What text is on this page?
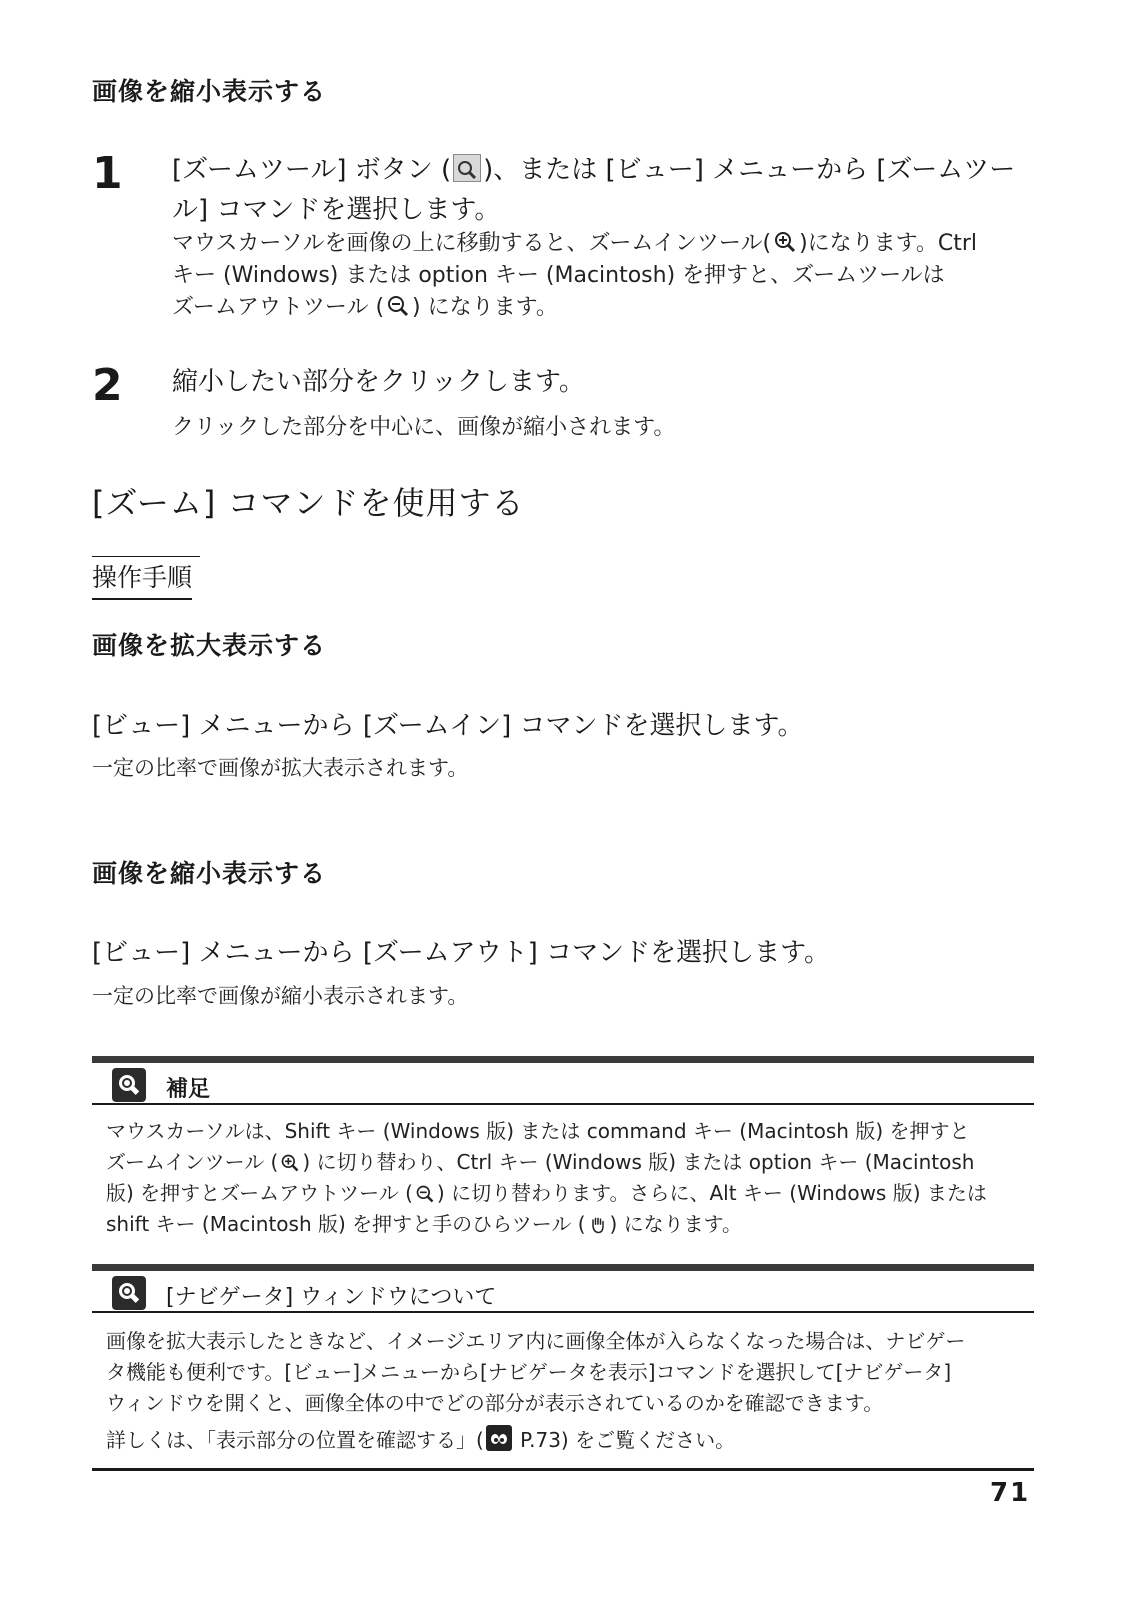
画像を縮小表示する
1 [ズームツール] ボタン ( )、または [ビュー] メニューから [ズームツー
ル] コマンドを選択します。
マウスカーソルを画像の上に移動すると、ズームインツール( )になります。Ctrl
キー (Windows) または option キー (Macintosh) を押すと、ズームツールは
ズームアウトツール ( ) になります。
2 縮小したい部分をクリックします。
クリックした部分を中心に、画像が縮小されます。
[ズーム] コマンドを使用する
操作手順
画像を拡大表示する
[ビュー] メニューから [ズームイン] コマンドを選択します。
一定の比率で画像が拡大表示されます。
画像を縮小表示する
[ビュー] メニューから [ズームアウト] コマンドを選択します。
一定の比率で画像が縮小表示されます。
補足
マウスカーソルは、Shift キー (Windows 版) または command キー (Macintosh 版) を押すと
ズームインツール ( ) に切り替わり、Ctrl キー (Windows 版) または option キー (Macintosh
版) を押すとズームアウトツール ( ) に切り替わります。さらに、Alt キー (Windows 版) または
shift キー (Macintosh 版) を押すと手のひらツール ( ) になります。
[ナビゲータ] ウィンドウについて
画像を拡大表示したときなど、イメージエリア内に画像全体が入らなくなった場合は、ナビゲー
タ機能も便利です。[ビュー]メニューから[ナビゲータを表示]コマンドを選択して[ナビゲータ]
ウィンドウを開くと、画像全体の中でどの部分が表示されているのかを確認できます。
詳しくは、「表示部分の位置を確認する」( P.73) をご覧ください。
71
